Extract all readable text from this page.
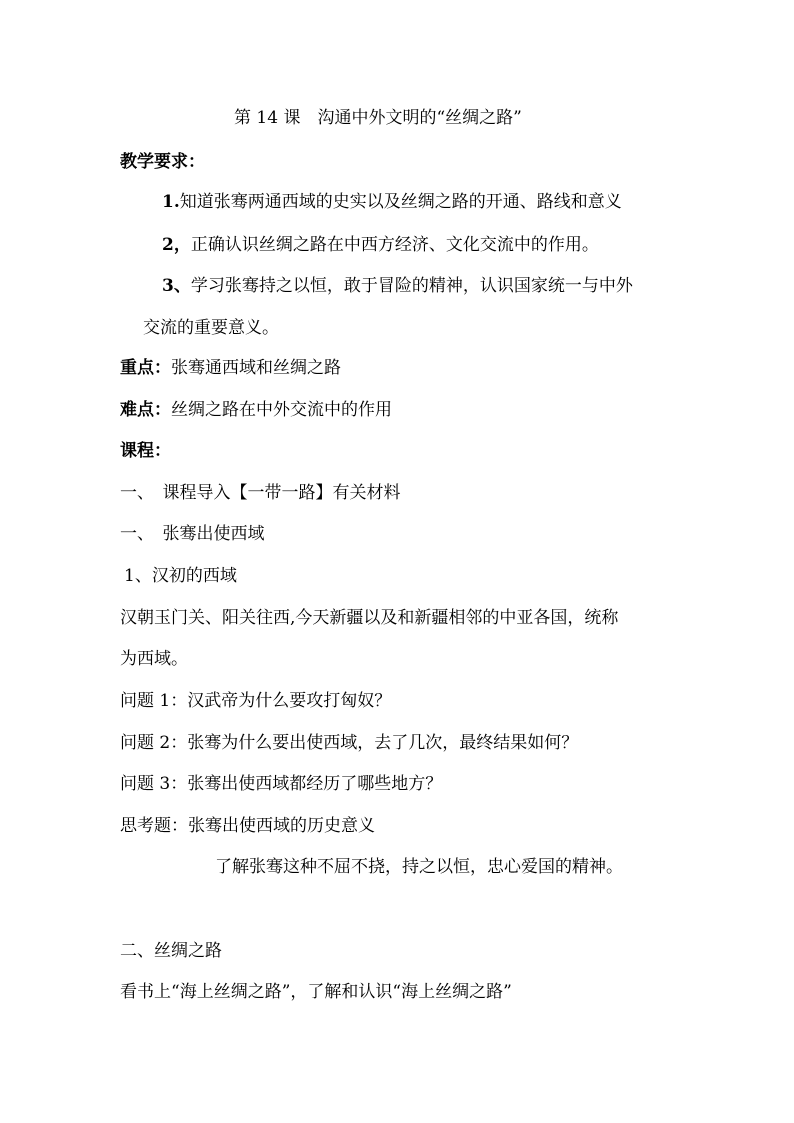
第 14 课　沟通中外文明的“丝绸之路”
教学要求：
1.知道张骞两通西域的史实以及丝绸之路的开通、路线和意义
2，正确认识丝绸之路在中西方经济、文化交流中的作用。
3、学习张骞持之以恒，敢于冒险的精神，认识国家统一与中外
交流的重要意义。
重点：张骞通西域和丝绸之路
难点：丝绸之路在中外交流中的作用
课程：
一、　课程导入【一带一路】有关材料
一、　张骞出使西域
1、汉初的西域
汉朝玉门关、阳关往西,今天新疆以及和新疆相邻的中亚各国，统称
为西域。
问题 1：汉武帝为什么要攻打匈奴？
问题 2：张骞为什么要出使西域，去了几次，最终结果如何？
问题 3：张骞出使西域都经历了哪些地方？
思考题：张骞出使西域的历史意义
了解张骞这种不屈不挠，持之以恒，忠心爱国的精神。
二、丝绸之路
看书上“海上丝绸之路”，了解和认识“海上丝绸之路”
